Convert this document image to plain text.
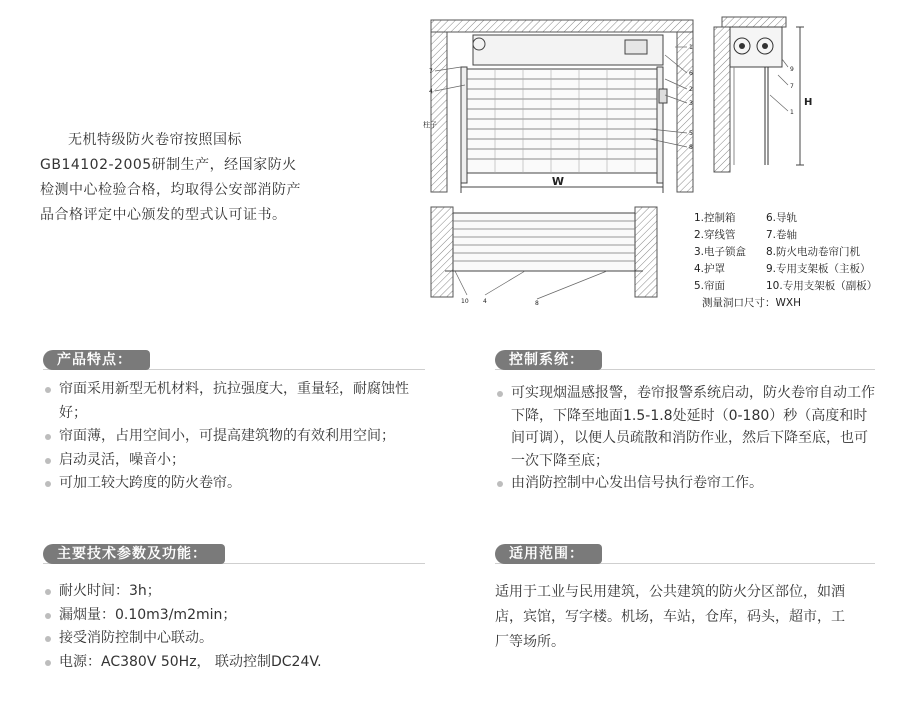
无机特级防火卷帘按照国标GB14102-2005研制生产，经国家防火检测中心检验合格，均取得公安部消防产品合格评定中心颁发的型式认可证书。
W
7
4
1
6
2
3
5
8
柱子
9
7
1
H
10 4	8
1.控制箱	6.导轨
2.穿线管	7.卷轴
3.电子锁盒	8.防火电动卷帘门机
4.护罩	9.专用支架板（主板）
5.帘面	10.专用支架板（副板）
测量洞口尺寸：WXH
产品特点：
帘面采用新型无机材料，抗拉强度大，重量轻，耐腐蚀性好；
帘面薄，占用空间小，可提高建筑物的有效利用空间；
启动灵活，噪音小；
可加工较大跨度的防火卷帘。
控制系统：
可实现烟温感报警，卷帘报警系统启动，防火卷帘自动工作下降，下降至地面1.5-1.8处延时（0-180）秒（高度和时间可调），以便人员疏散和消防作业，然后下降至底，也可一次下降至底；
由消防控制中心发出信号执行卷帘工作。
主要技术参数及功能：
耐火时间：3h；
漏烟量：0.10m3/m2min；
接受消防控制中心联动。
电源：AC380V 50Hz， 联动控制DC24V.
适用范围：
适用于工业与民用建筑，公共建筑的防火分区部位，如酒店，宾馆，写字楼。机场，车站，仓库，码头，超市，工厂等场所。
